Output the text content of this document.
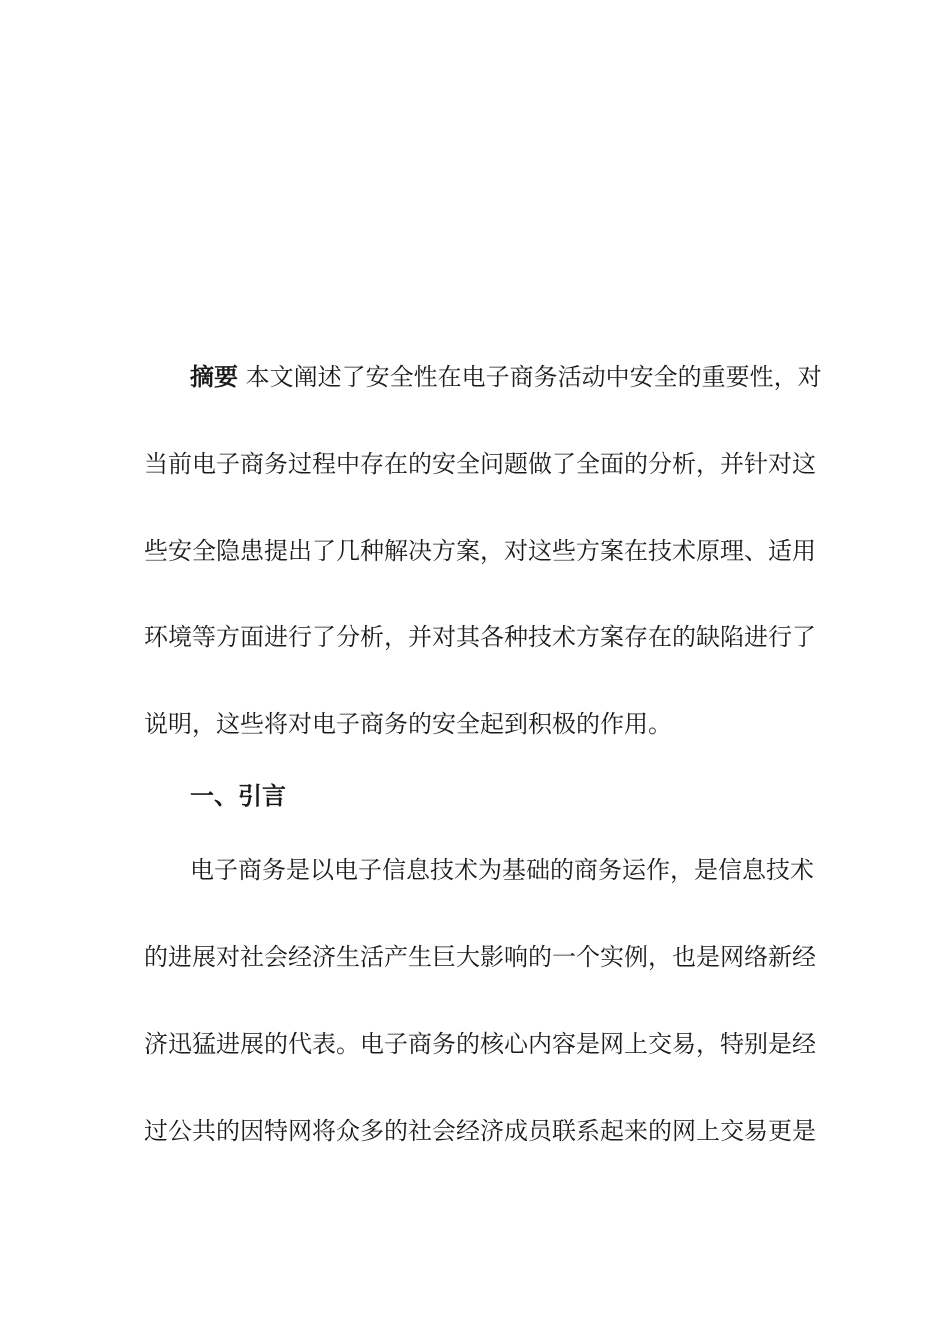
摘要 本文阐述了安全性在电子商务活动中安全的重要性，对
当前电子商务过程中存在的安全问题做了全面的分析，并针对这
些安全隐患提出了几种解决方案，对这些方案在技术原理、适用
环境等方面进行了分析，并对其各种技术方案存在的缺陷进行了
说明，这些将对电子商务的安全起到积极的作用。
一、引言
电子商务是以电子信息技术为基础的商务运作，是信息技术
的进展对社会经济生活产生巨大影响的一个实例，也是网络新经
济迅猛进展的代表。电子商务的核心内容是网上交易，特别是经
过公共的因特网将众多的社会经济成员联系起来的网上交易更是
